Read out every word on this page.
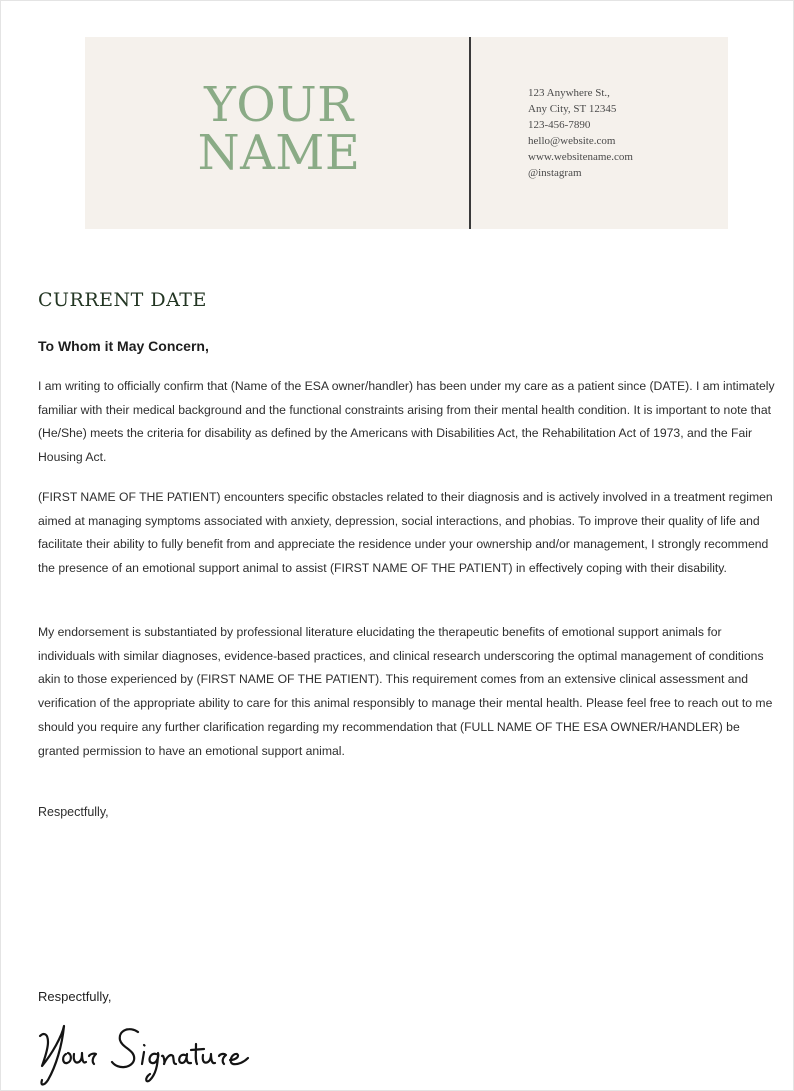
YOUR
NAME
123 Anywhere St.,
Any City, ST 12345
123-456-7890
hello@website.com
www.websitename.com
@instagram
CURRENT DATE
To Whom it May Concern,

I am writing to officially confirm that (Name of the ESA owner/handler) has been under my care as a patient since (DATE). I am intimately familiar with their medical background and the functional constraints arising from their mental health condition. It is important to note that (He/She) meets the criteria for disability as defined by the Americans with Disabilities Act, the Rehabilitation Act of 1973, and the Fair Housing Act.

(FIRST NAME OF THE PATIENT) encounters specific obstacles related to their diagnosis and is actively involved in a treatment regimen aimed at managing symptoms associated with anxiety, depression, social interactions, and phobias. To improve their quality of life and facilitate their ability to fully benefit from and appreciate the residence under your ownership and/or management, I strongly recommend the presence of an emotional support animal to assist (FIRST NAME OF THE PATIENT) in effectively coping with their disability.

My endorsement is substantiated by professional literature elucidating the therapeutic benefits of emotional support animals for individuals with similar diagnoses, evidence-based practices, and clinical research underscoring the optimal management of conditions akin to those experienced by (FIRST NAME OF THE PATIENT). This requirement comes from an extensive clinical assessment and verification of the appropriate ability to care for this animal responsibly to manage their mental health. Please feel free to reach out to me should you require any further clarification regarding my recommendation that (FULL NAME OF THE ESA OWNER/HANDLER) be granted permission to have an emotional support animal.

Respectfully,
Respectfully,
